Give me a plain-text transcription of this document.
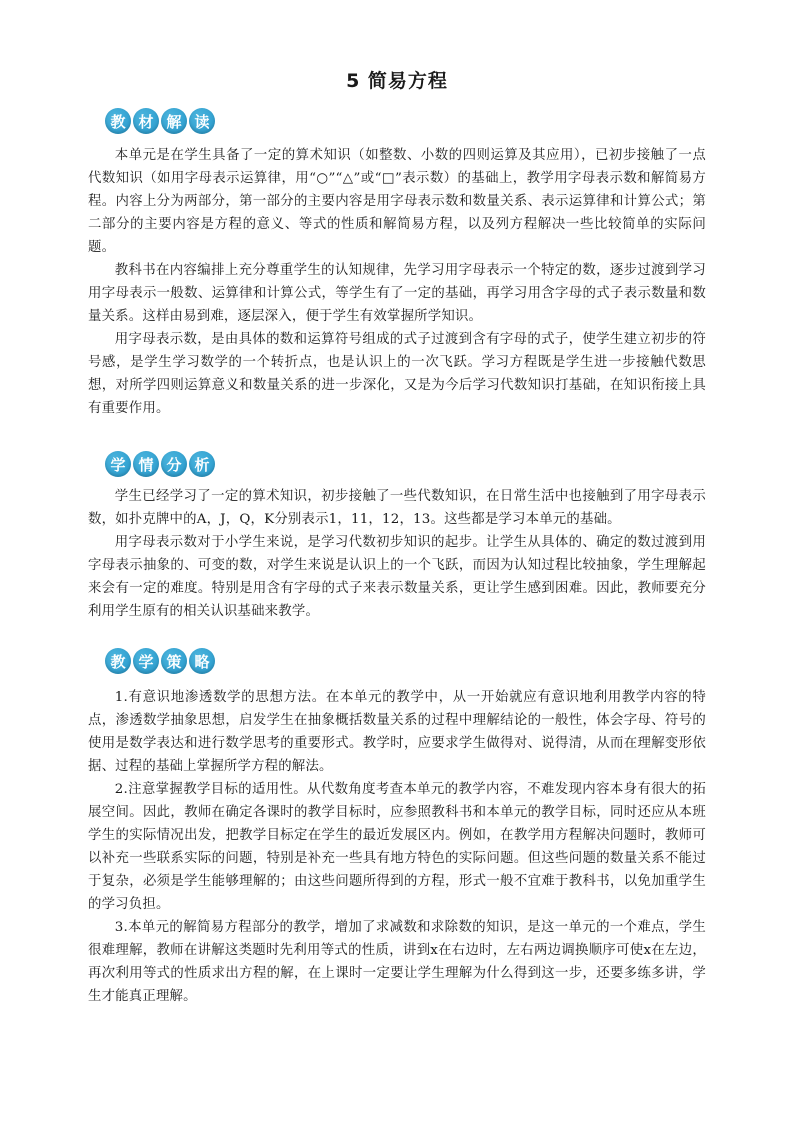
5 简易方程
教 材 解 读

本单元是在学生具备了一定的算术知识（如整数、小数的四则运算及其应用），已初步接触了一点代数知识（如用字母表示运算律，用“○”“△”或“□”表示数）的基础上，教学用字母表示数和解简易方程。内容上分为两部分，第一部分的主要内容是用字母表示数和数量关系、表示运算律和计算公式；第二部分的主要内容是方程的意义、等式的性质和解简易方程，以及列方程解决一些比较简单的实际问题。

教科书在内容编排上充分尊重学生的认知规律，先学习用字母表示一个特定的数，逐步过渡到学习用字母表示一般数、运算律和计算公式，等学生有了一定的基础，再学习用含字母的式子表示数量和数量关系。这样由易到难，逐层深入，便于学生有效掌握所学知识。

用字母表示数，是由具体的数和运算符号组成的式子过渡到含有字母的式子，使学生建立初步的符号感，是学生学习数学的一个转折点，也是认识上的一次飞跃。学习方程既是学生进一步接触代数思想，对所学四则运算意义和数量关系的进一步深化，又是为今后学习代数知识打基础，在知识衔接上具有重要作用。

学 情 分 析

学生已经学习了一定的算术知识，初步接触了一些代数知识，在日常生活中也接触到了用字母表示数，如扑克牌中的A，J，Q，K分别表示1，11，12，13。这些都是学习本单元的基础。

用字母表示数对于小学生来说，是学习代数初步知识的起步。让学生从具体的、确定的数过渡到用字母表示抽象的、可变的数，对学生来说是认识上的一个飞跃，而因为认知过程比较抽象，学生理解起来会有一定的难度。特别是用含有字母的式子来表示数量关系，更让学生感到困难。因此，教师要充分利用学生原有的相关认识基础来教学。

教 学 策 略

1.有意识地渗透数学的思想方法。在本单元的教学中，从一开始就应有意识地利用教学内容的特点，渗透数学抽象思想，启发学生在抽象概括数量关系的过程中理解结论的一般性，体会字母、符号的使用是数学表达和进行数学思考的重要形式。教学时，应要求学生做得对、说得清，从而在理解变形依据、过程的基础上掌握所学方程的解法。

2.注意掌握教学目标的适用性。从代数角度考查本单元的教学内容，不难发现内容本身有很大的拓展空间。因此，教师在确定各课时的教学目标时，应参照教科书和本单元的教学目标，同时还应从本班学生的实际情况出发，把教学目标定在学生的最近发展区内。例如，在教学用方程解决问题时，教师可以补充一些联系实际的问题，特别是补充一些具有地方特色的实际问题。但这些问题的数量关系不能过于复杂，必须是学生能够理解的；由这些问题所得到的方程，形式一般不宜难于教科书，以免加重学生的学习负担。

3.本单元的解简易方程部分的教学，增加了求减数和求除数的知识，是这一单元的一个难点，学生很难理解，教师在讲解这类题时先利用等式的性质，讲到x在右边时，左右两边调换顺序可使x在左边，再次利用等式的性质求出方程的解，在上课时一定要让学生理解为什么得到这一步，还要多练多讲，学生才能真正理解。
